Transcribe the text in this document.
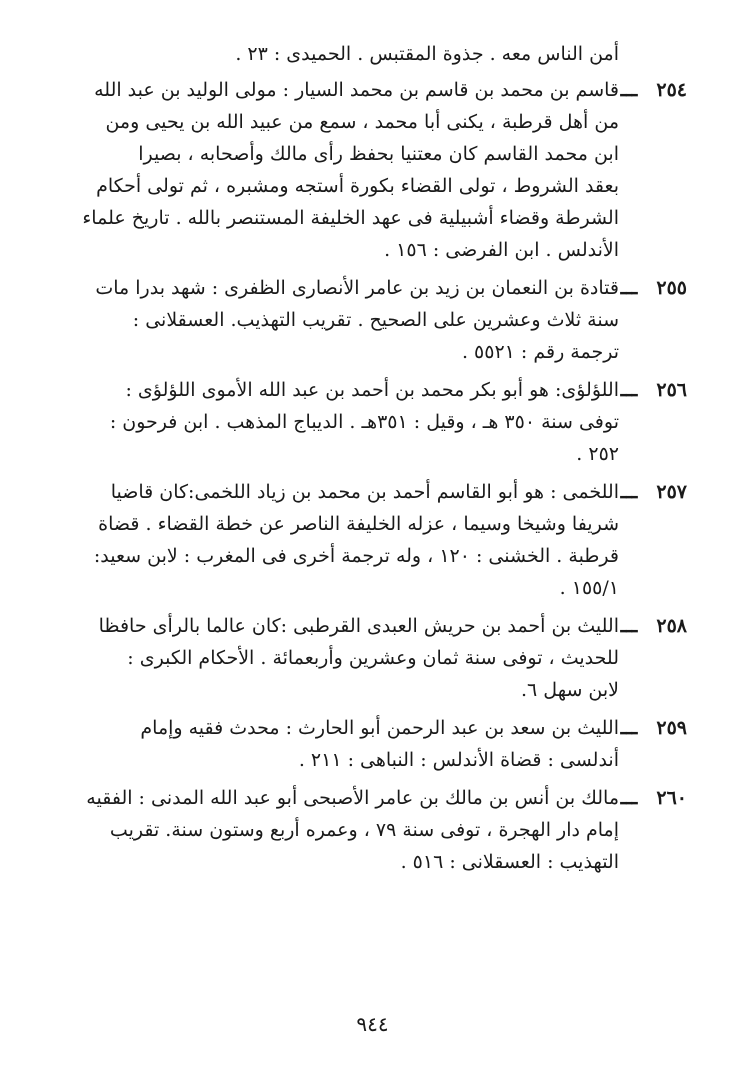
أمن الناس معه . جذوة المقتبس . الحميدى : ٢٣ .
٢٥٤
ـــ
قاسم بن محمد بن قاسم بن محمد السيار : مولى الوليد بن عبد الله
من أهل قرطبة ، يكنى أبا محمد ، سمع من عبيد الله بن يحيى ومن
ابن محمد القاسم كان معتنيا بحفظ رأى مالك وأصحابه ، بصيرا
بعقد الشروط ، تولى القضاء بكورة أستجه ومشبره ، ثم تولى أحكام
الشرطة وقضاء أشبيلية فى عهد الخليفة المستنصر بالله . تاريخ علماء
الأندلس . ابن الفرضى : ١٥٦ .
٢٥٥
ـــ
قتادة بن النعمان بن زيد بن عامر الأنصارى الظفرى : شهد بدرا مات
سنة ثلاث وعشرين على الصحيح . تقريب التهذيب. العسقلانى :
ترجمة رقم : ٥٥٢١ .
٢٥٦
ـــ
اللؤلؤى: هو أبو بكر محمد بن أحمد بن عبد الله الأموى اللؤلؤى :
توفى سنة ٣٥٠ هـ ، وقيل : ٣٥١هـ . الديباج المذهب . ابن فرحون :
٢٥٢ .
٢٥٧
ـــ
اللخمى : هو أبو القاسم أحمد بن محمد بن زياد اللخمى:كان قاضيا
شريفا وشيخا وسيما ، عزله الخليفة الناصر عن خطة القضاء . قضاة
قرطبة . الخشنى : ١٢٠ ، وله ترجمة أخرى فى المغرب : لابن سعيد:
١٥٥/١ .
٢٥٨
ـــ
الليث بن أحمد بن حريش العبدى القرطبى :كان عالما بالرأى حافظا
للحديث ، توفى سنة ثمان وعشرين وأربعمائة . الأحكام الكبرى :
لابن سهل ٦.
٢٥٩
ـــ
الليث بن سعد بن عبد الرحمن أبو الحارث : محدث فقيه وإمام
أندلسى : قضاة الأندلس : النباهى : ٢١١ .
٢٦٠
ـــ
مالك بن أنس بن مالك بن عامر الأصبحى أبو عبد الله المدنى : الفقيه
إمام دار الهجرة ، توفى سنة ٧٩ ، وعمره أربع وستون سنة. تقريب
التهذيب : العسقلانى : ٥١٦ .
٩٤٤
